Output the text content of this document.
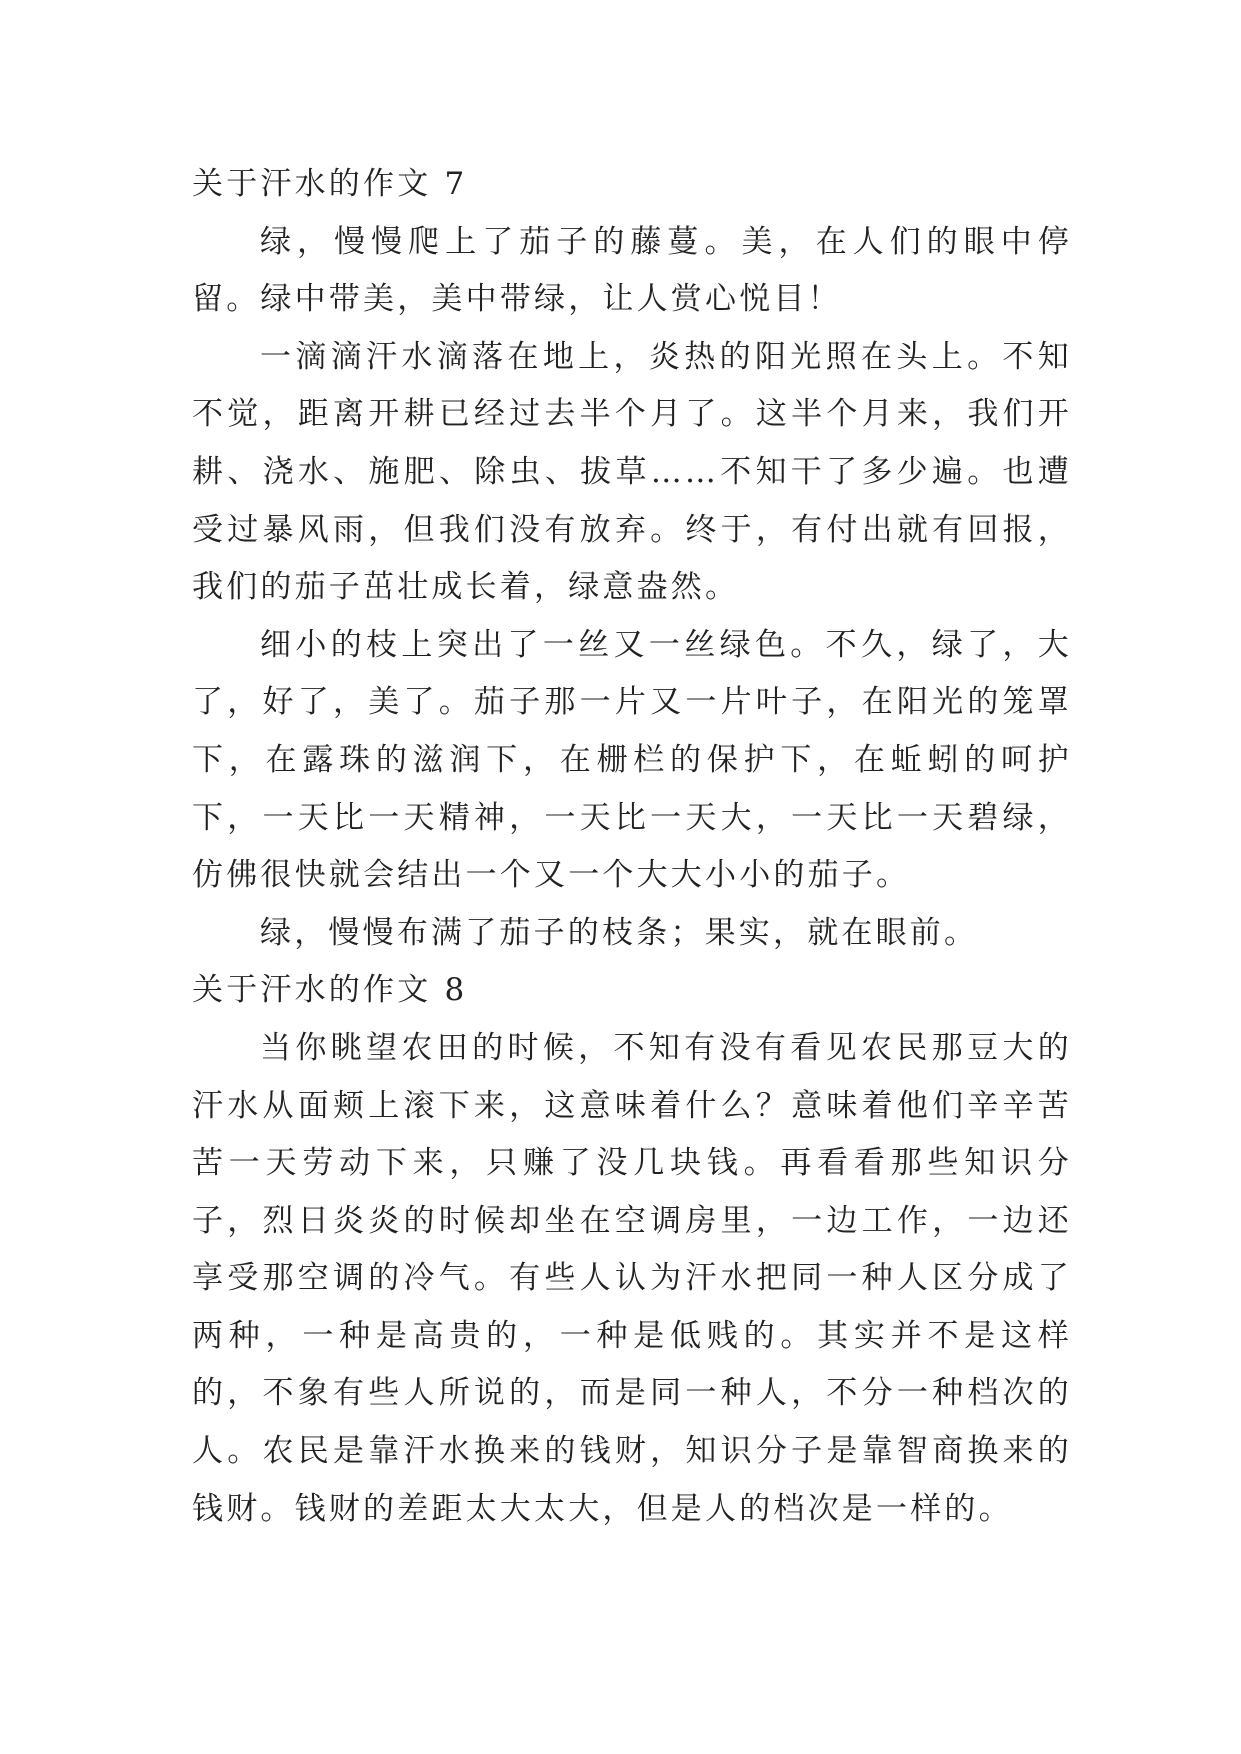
关于汗水的作文 7

绿，慢慢爬上了茄子的藤蔓。美，在人们的眼中停留。绿中带美，美中带绿，让人赏心悦目！

一滴滴汗水滴落在地上，炎热的阳光照在头上。不知不觉，距离开耕已经过去半个月了。这半个月来，我们开耕、浇水、施肥、除虫、拔草……不知干了多少遍。也遭受过暴风雨，但我们没有放弃。终于，有付出就有回报，我们的茄子茁壮成长着，绿意盎然。

细小的枝上突出了一丝又一丝绿色。不久，绿了，大了，好了，美了。茄子那一片又一片叶子，在阳光的笼罩下，在露珠的滋润下，在栅栏的保护下，在蚯蚓的呵护下，一天比一天精神，一天比一天大，一天比一天碧绿，仿佛很快就会结出一个又一个大大小小的茄子。

绿，慢慢布满了茄子的枝条；果实，就在眼前。

关于汗水的作文 8

当你眺望农田的时候，不知有没有看见农民那豆大的汗水从面颊上滚下来，这意味着什么？意味着他们辛辛苦苦一天劳动下来，只赚了没几块钱。再看看那些知识分子，烈日炎炎的时候却坐在空调房里，一边工作，一边还享受那空调的冷气。有些人认为汗水把同一种人区分成了两种，一种是高贵的，一种是低贱的。其实并不是这样的，不象有些人所说的，而是同一种人，不分一种档次的人。农民是靠汗水换来的钱财，知识分子是靠智商换来的钱财。钱财的差距太大太大，但是人的档次是一样的。
